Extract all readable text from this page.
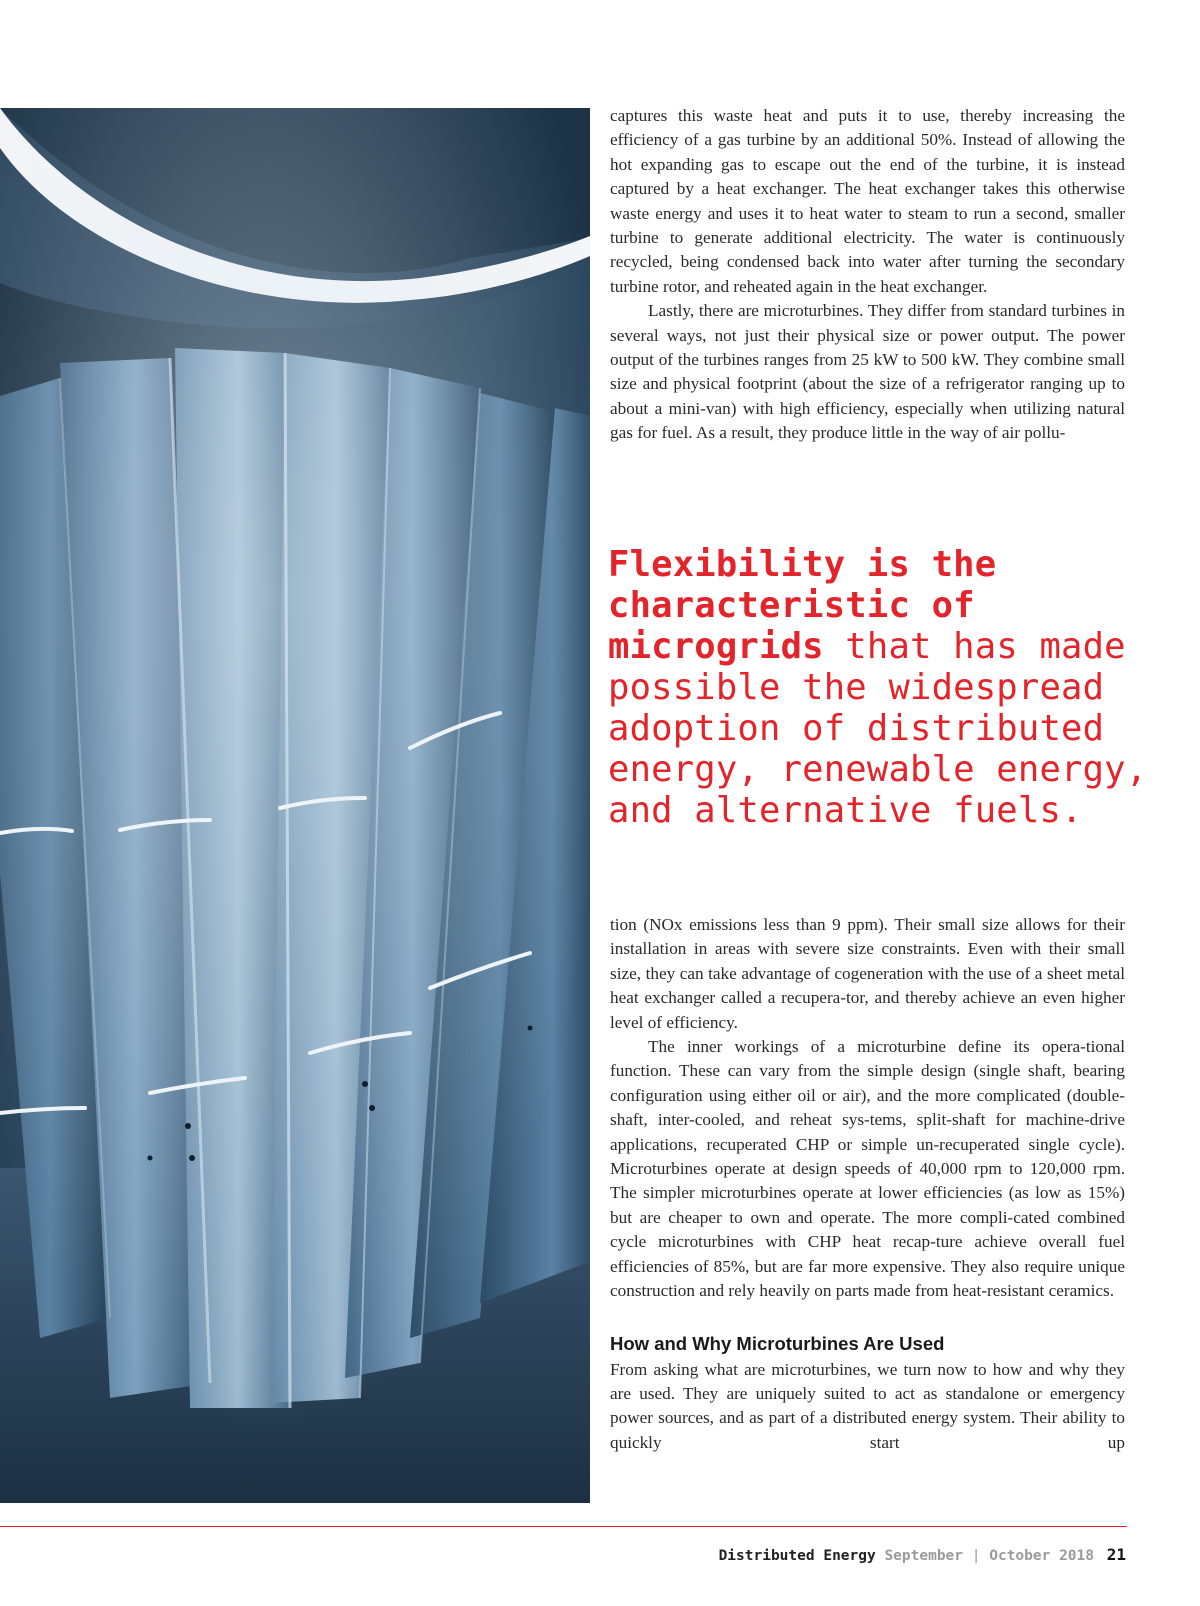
captures this waste heat and puts it to use, thereby increasing the efficiency of a gas turbine by an additional 50%. Instead of allowing the hot expanding gas to escape out the end of the turbine, it is instead captured by a heat exchanger. The heat exchanger takes this otherwise waste energy and uses it to heat water to steam to run a second, smaller turbine to generate additional electricity. The water is continuously recycled, being condensed back into water after turning the secondary turbine rotor, and reheated again in the heat exchanger.

Lastly, there are microturbines. They differ from standard turbines in several ways, not just their physical size or power output. The power output of the turbines ranges from 25 kW to 500 kW. They combine small size and physical footprint (about the size of a refrigerator ranging up to about a mini-van) with high efficiency, especially when utilizing natural gas for fuel. As a result, they produce little in the way of air pollu-

Flexibility is the characteristic of microgrids that has made possible the widespread adoption of distributed energy, renewable energy, and alternative fuels.

tion (NOx emissions less than 9 ppm). Their small size allows for their installation in areas with severe size constraints. Even with their small size, they can take advantage of cogeneration with the use of a sheet metal heat exchanger called a recupera-tor, and thereby achieve an even higher level of efficiency.

The inner workings of a microturbine define its opera-tional function. These can vary from the simple design (single shaft, bearing configuration using either oil or air), and the more complicated (double-shaft, inter-cooled, and reheat sys-tems, split-shaft for machine-drive applications, recuperated CHP or simple un-recuperated single cycle). Microturbines operate at design speeds of 40,000 rpm to 120,000 rpm. The simpler microturbines operate at lower efficiencies (as low as 15%) but are cheaper to own and operate. The more compli-cated combined cycle microturbines with CHP heat recap-ture achieve overall fuel efficiencies of 85%, but are far more expensive. They also require unique construction and rely heavily on parts made from heat-resistant ceramics.

How and Why Microturbines Are Used

From asking what are microturbines, we turn now to how and why they are used. They are uniquely suited to act as standalone or emergency power sources, and as part of a distributed energy system. Their ability to quickly start up

Distributed Energy September | October 2018 21
